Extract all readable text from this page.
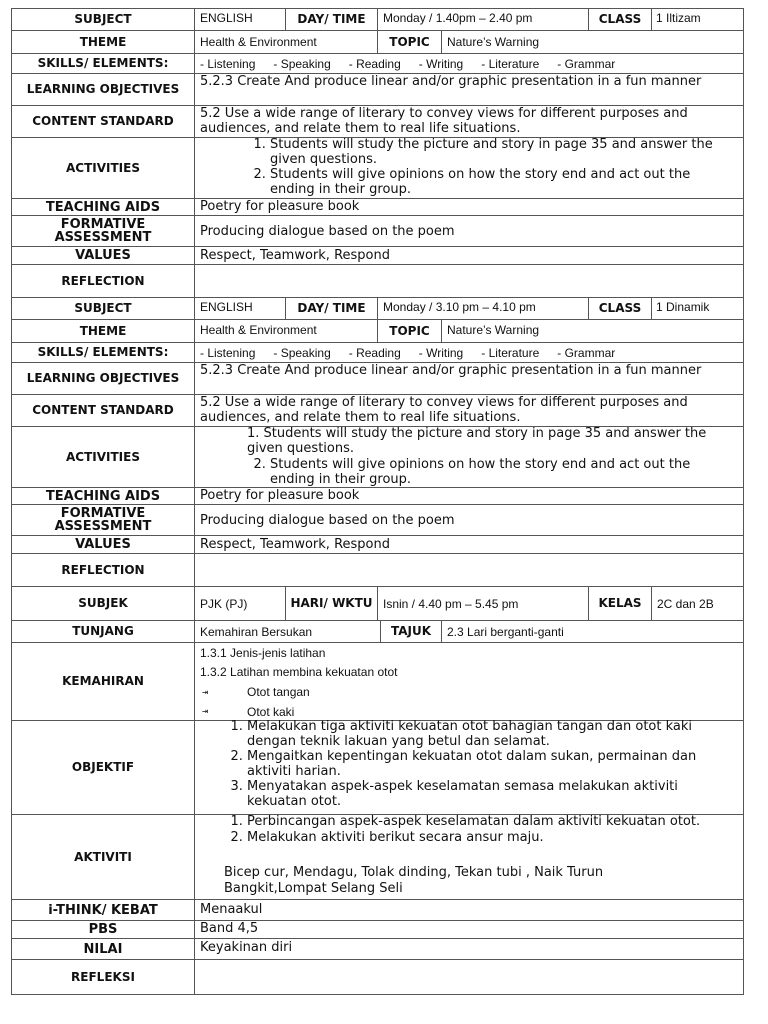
SUBJECT	ENGLISH	DAY/ TIME	Monday / 1.40pm – 2.40 pm	CLASS	1 Iltizam
THEME	Health & Environment	TOPIC	Nature’s Warning
SKILLS/ ELEMENTS:	- Listening - Speaking - Reading - Writing - Literature - Grammar
LEARNING OBJECTIVES	5.2.3 Create And produce linear and/or graphic presentation in a fun manner
CONTENT STANDARD	5.2 Use a wide range of literary to convey views for different purposes and audiences, and relate them to real life situations.
ACTIVITIES
1. Students will study the picture and story in page 35 and answer the given questions.
2. Students will give opinions on how the story end and act out the ending in their group.
TEACHING AIDS	Poetry for pleasure book
FORMATIVE ASSESSMENT	Producing dialogue based on the poem
VALUES	Respect, Teamwork, Respond
REFLECTION
SUBJECT	ENGLISH	DAY/ TIME	Monday / 3.10 pm – 4.10 pm	CLASS	1 Dinamik
THEME	Health & Environment	TOPIC	Nature’s Warning
SKILLS/ ELEMENTS:	- Listening - Speaking - Reading - Writing - Literature - Grammar
LEARNING OBJECTIVES	5.2.3 Create And produce linear and/or graphic presentation in a fun manner
CONTENT STANDARD	5.2 Use a wide range of literary to convey views for different purposes and audiences, and relate them to real life situations.
ACTIVITIES
1. Students will study the picture and story in page 35 and answer the given questions.
2. Students will give opinions on how the story end and act out the ending in their group.
TEACHING AIDS	Poetry for pleasure book
FORMATIVE ASSESSMENT	Producing dialogue based on the poem
VALUES	Respect, Teamwork, Respond
REFLECTION
SUBJEK	PJK (PJ)	HARI/ WKTU Isnin / 4.40 pm – 5.45 pm	KELAS	2C dan 2B
TUNJANG	Kemahiran Bersukan	TAJUK	2.3 Lari berganti-ganti
KEMAHIRAN
1.3.1 Jenis-jenis latihan
1.3.2 Latihan membina kekuatan otot
⇥	Otot tangan
⇥	Otot kaki
OBJEKTIF
1. Melakukan tiga aktiviti kekuatan otot bahagian tangan dan otot kaki dengan teknik lakuan yang betul dan selamat.
2. Mengaitkan kepentingan kekuatan otot dalam sukan, permainan dan aktiviti harian.
3. Menyatakan aspek-aspek keselamatan semasa melakukan aktiviti kekuatan otot.
AKTIVITI
1. Perbincangan aspek-aspek keselamatan dalam aktiviti kekuatan otot.
2. Melakukan aktiviti berikut secara ansur maju.
Bicep cur, Mendagu, Tolak dinding, Tekan tubi , Naik Turun Bangkit,Lompat Selang Seli
i-THINK/ KEBAT	Menaakul
PBS	Band 4,5
NILAI	Keyakinan diri
REFLEKSI
